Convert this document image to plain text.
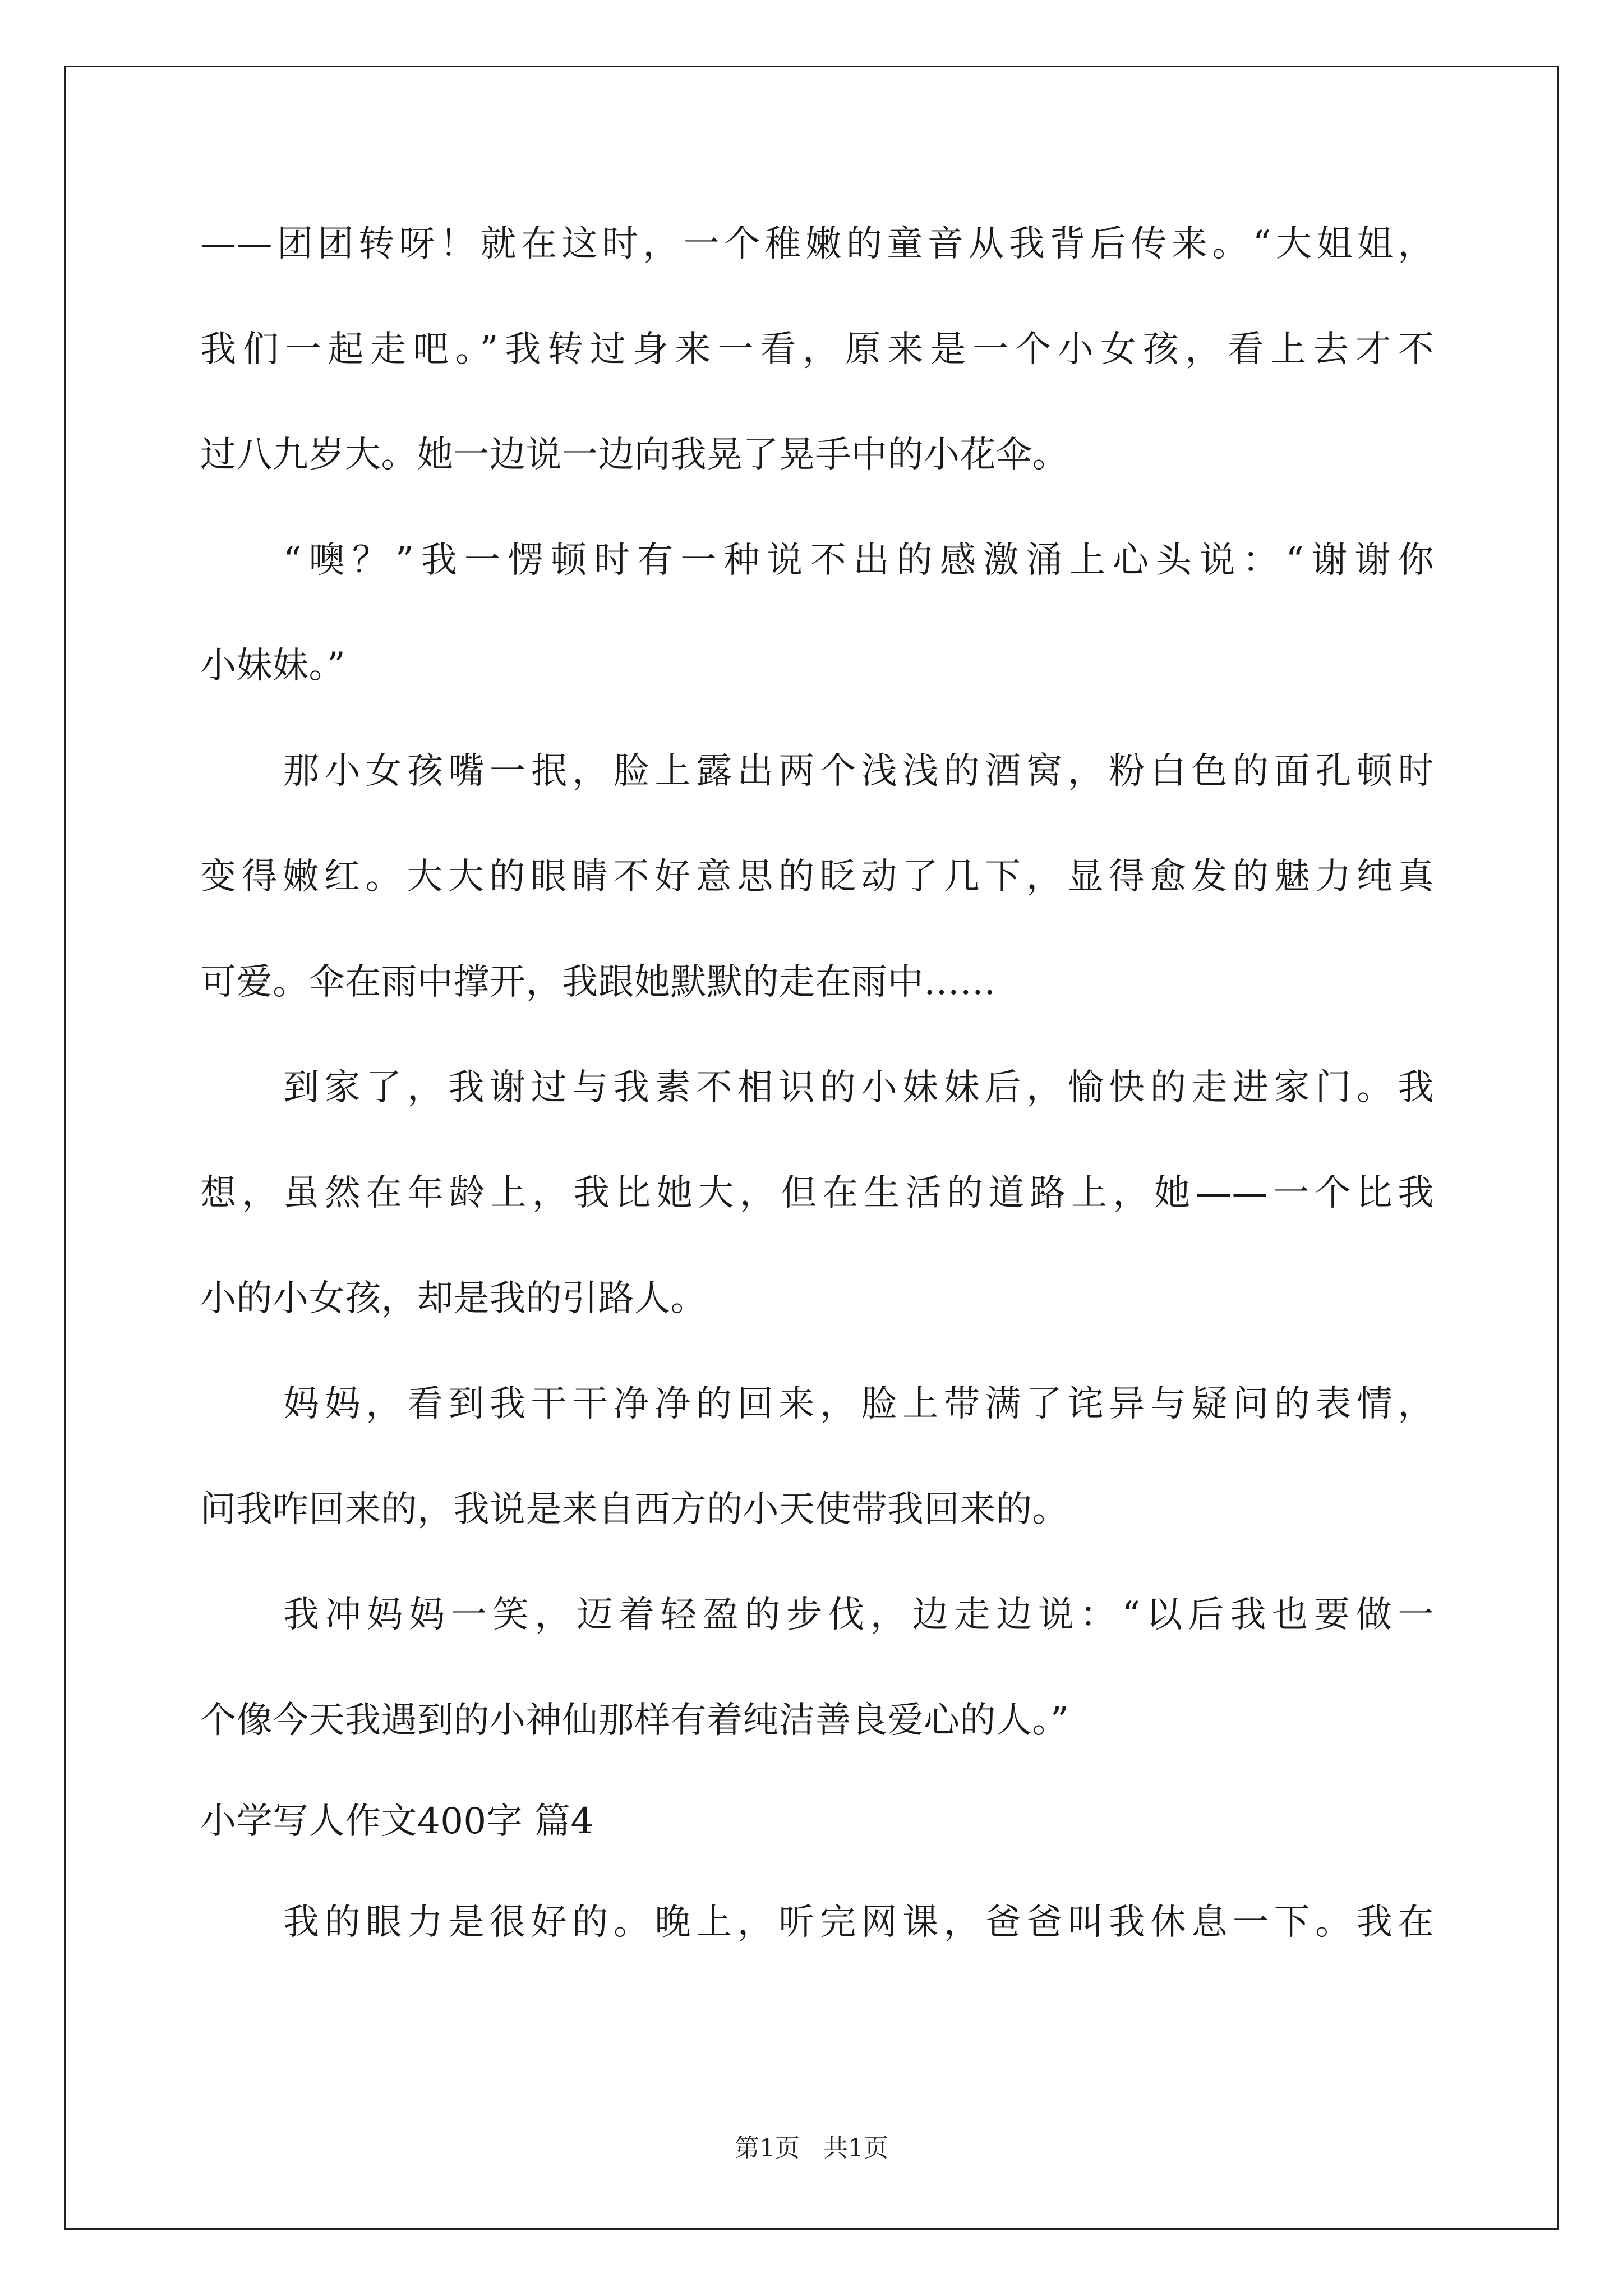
——团团转呀！就在这时，一个稚嫩的童音从我背后传来。“大姐姐，
我们一起走吧。”我转过身来一看，原来是一个小女孩，看上去才不
过八九岁大。她一边说一边向我晃了晃手中的小花伞。
“噢？”我一愣顿时有一种说不出的感激涌上心头说：“谢谢你
小妹妹。”
那小女孩嘴一抿，脸上露出两个浅浅的酒窝，粉白色的面孔顿时
变得嫩红。大大的眼睛不好意思的眨动了几下，显得愈发的魅力纯真
可爱。伞在雨中撑开，我跟她默默的走在雨中……
到家了，我谢过与我素不相识的小妹妹后，愉快的走进家门。我
想，虽然在年龄上，我比她大，但在生活的道路上，她——一个比我
小的小女孩，却是我的引路人。
妈妈，看到我干干净净的回来，脸上带满了诧异与疑问的表情，
问我咋回来的，我说是来自西方的小天使带我回来的。
我冲妈妈一笑，迈着轻盈的步伐，边走边说：“以后我也要做一
个像今天我遇到的小神仙那样有着纯洁善良爱心的人。”
小学写人作文400字 篇4
我的眼力是很好的。晚上，听完网课，爸爸叫我休息一下。我在
第1页 共1页
